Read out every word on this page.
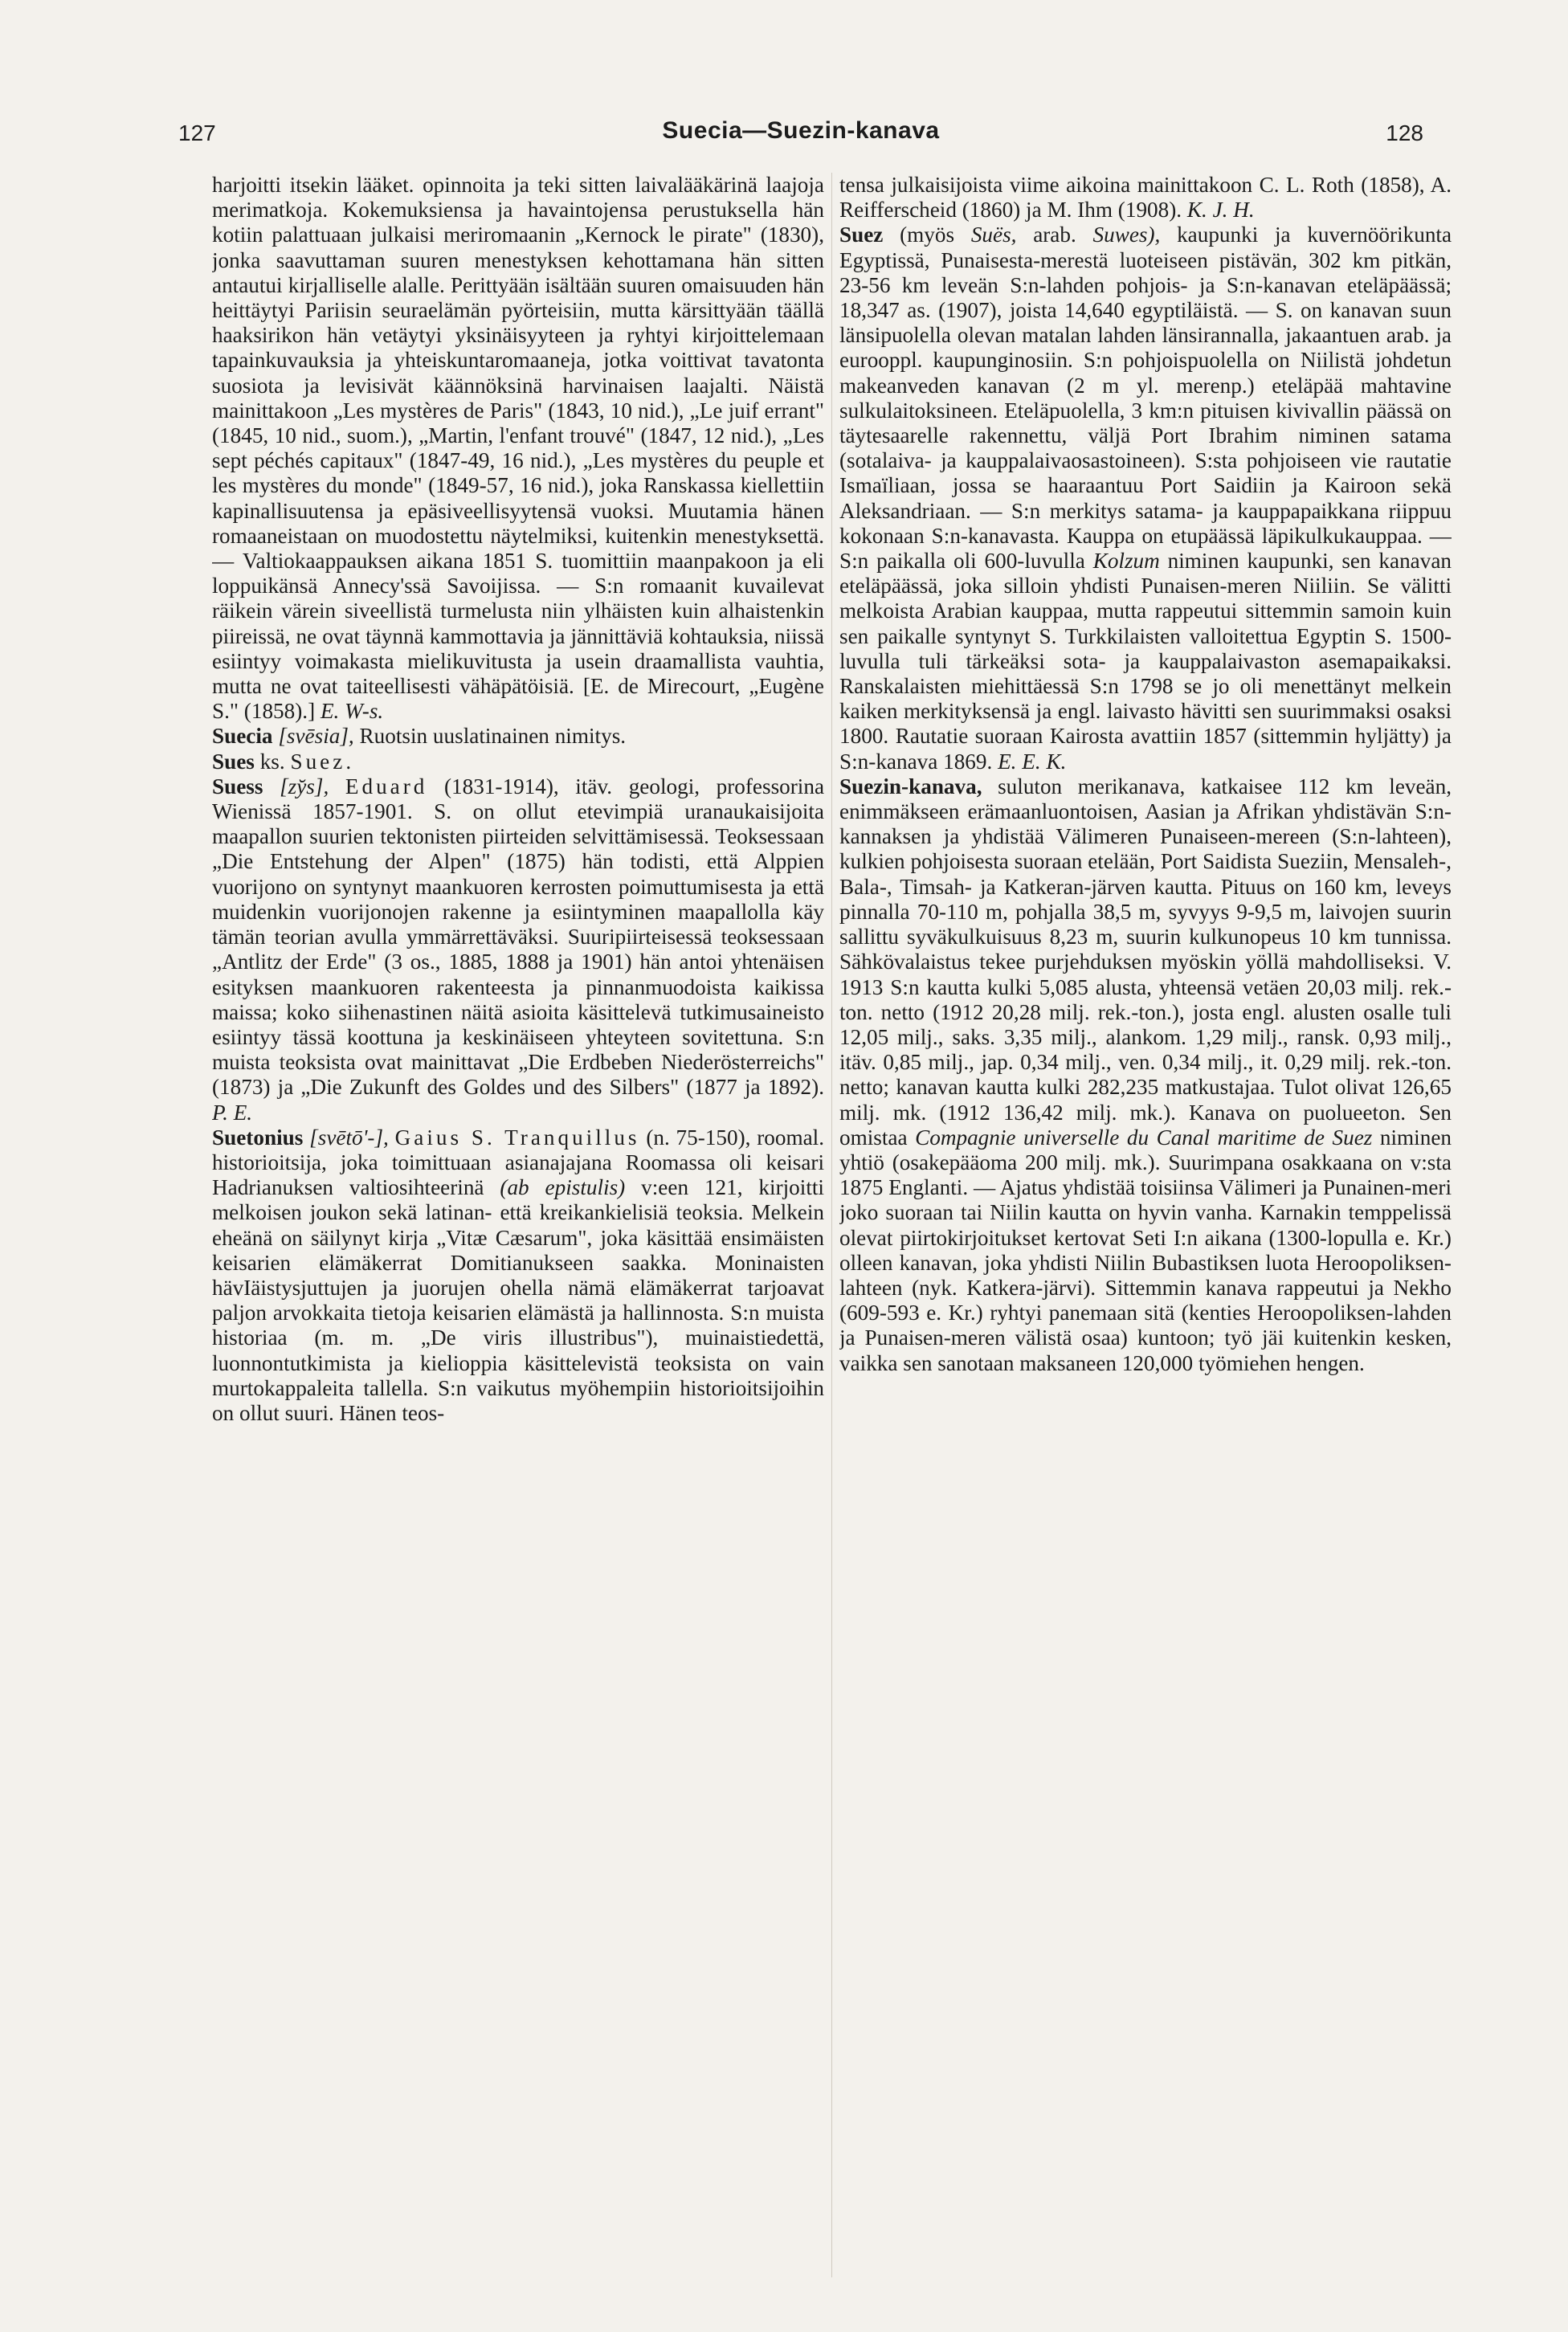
127	Suecia—Suezin-kanava	128

harjoitti itsekin lääket. opinnoita ja teki sitten laivalääkärinä laajoja merimatkoja. Kokemuksiensa ja havaintojensa perustuksella hän kotiin palattuaan julkaisi meriromaanin „Kernock le pirate" (1830), jonka saavuttaman suuren menestyksen kehottamana hän sitten antautui kirjalliselle alalle. Perittyään isältään suuren omaisuuden hän heittäytyi Pariisin seuraelämän pyörteisiin, mutta kärsittyään täällä haaksirikon hän vetäytyi yksinäisyyteen ja ryhtyi kirjoittelemaan tapainkuvauksia ja yhteiskuntaromaaneja, jotka voittivat tavatonta suosiota ja levisivät käännöksinä harvinaisen laajalti. Näistä mainittakoon „Les mystères de Paris" (1843, 10 nid.), „Le juif errant" (1845, 10 nid., suom.), „Martin, l'enfant trouvé" (1847, 12 nid.), „Les sept péchés capitaux" (1847-49, 16 nid.), „Les mystères du peuple et les mystères du monde" (1849-57, 16 nid.), joka Ranskassa kiellettiin kapinallisuutensa ja epäsiveellisyytensä vuoksi. Muutamia hänen romaaneistaan on muodostettu näytelmiksi, kuitenkin menestyksettä. — Valtiokaappauksen aikana 1851 S. tuomittiin maanpakoon ja eli loppuikänsä Annecy'ssä Savoijissa. — S:n romaanit kuvailevat räikein värein siveellistä turmelusta niin ylhäisten kuin alhaistenkin piireissä, ne ovat täynnä kammottavia ja jännittäviä kohtauksia, niissä esiintyy voimakasta mielikuvitusta ja usein draamallista vauhtia, mutta ne ovat taiteellisesti vähäpätöisiä. [E. de Mirecourt, „Eugène S." (1858).] E. W-s.

Suecia [svēsia], Ruotsin uuslatinainen nimitys.

Sues ks. Suez.

Suess [zy̆s], Eduard (1831-1914), itäv. geologi, professorina Wienissä 1857-1901. S. on ollut etevimpiä uranaukaisijoita maapallon suurien tektonisten piirteiden selvittämisessä. Teoksessaan „Die Entstehung der Alpen" (1875) hän todisti, että Alppien vuorijono on syntynyt maankuoren kerrosten poimuttumisesta ja että muidenkin vuorijonojen rakenne ja esiintyminen maapallolla käy tämän teorian avulla ymmärrettäväksi. Suuripiirteisessä teoksessaan „Antlitz der Erde" (3 os., 1885, 1888 ja 1901) hän antoi yhtenäisen esityksen maankuoren rakenteesta ja pinnanmuodoista kaikissa maissa; koko siihenastinen näitä asioita käsittelevä tutkimusaineisto esiintyy tässä koottuna ja keskinäiseen yhteyteen sovitettuna. S:n muista teoksista ovat mainittavat „Die Erdbeben Niederösterreichs" (1873) ja „Die Zukunft des Goldes und des Silbers" (1877 ja 1892). P. E.

Suetonius [svētō'-], Gaius S. Tranquillus (n. 75-150), roomal. historioitsija, joka toimittuaan asianajajana Roomassa oli keisari Hadrianuksen valtiosihteerinä (ab epistulis) v:een 121, kirjoitti melkoisen joukon sekä latinan- että kreikankielisiä teoksia. Melkein eheänä on säilynyt kirja „Vitæ Cæsarum", joka käsittää ensimäisten keisarien elämäkerrat Domitianukseen saakka. Moninaisten hävIäistysjuttujen ja juorujen ohella nämä elämäkerrat tarjoavat paljon arvokkaita tietoja keisarien elämästä ja hallinnosta. S:n muista historiaa (m. m. „De viris illustribus"), muinaistiedettä, luonnontutkimista ja kielioppia käsittelevistä teoksista on vain murtokappaleita tallella. S:n vaikutus myöhempiin historioitsijoihin on ollut suuri. Hänen teos-

tensa julkaisijoista viime aikoina mainittakoon C. L. Roth (1858), A. Reifferscheid (1860) ja M. Ihm (1908). K. J. H.

Suez (myös Suës, arab. Suwes), kaupunki ja kuvernöörikunta Egyptissä, Punaisesta-merestä luoteiseen pistävän, 302 km pitkän, 23-56 km leveän S:n-lahden pohjois- ja S:n-kanavan eteläpäässä; 18,347 as. (1907), joista 14,640 egyptiläistä. — S. on kanavan suun länsipuolella olevan matalan lahden länsirannalla, jakaantuen arab. ja eurooppl. kaupunginosiin. S:n pohjoispuolella on Niilistä johdetun makeanveden kanavan (2 m yl. merenp.) eteläpää mahtavine sulkulaitoksineen. Eteläpuolella, 3 km:n pituisen kivivallin päässä on täytesaarelle rakennettu, väljä Port Ibrahim niminen satama (sotalaiva- ja kauppalaivaosastoineen). S:sta pohjoiseen vie rautatie Ismaïliaan, jossa se haaraantuu Port Saidiin ja Kairoon sekä Aleksandriaan. — S:n merkitys satama- ja kauppapaikkana riippuu kokonaan S:n-kanavasta. Kauppa on etupäässä läpikulkukauppaa. — S:n paikalla oli 600-luvulla Kolzum niminen kaupunki, sen kanavan eteläpäässä, joka silloin yhdisti Punaisen-meren Niiliin. Se välitti melkoista Arabian kauppaa, mutta rappeutui sittemmin samoin kuin sen paikalle syntynyt S. Turkkilaisten valloitettua Egyptin S. 1500-luvulla tuli tärkeäksi sota- ja kauppalaivaston asemapaikaksi. Ranskalaisten miehittäessä S:n 1798 se jo oli menettänyt melkein kaiken merkityksensä ja engl. laivasto hävitti sen suurimmaksi osaksi 1800. Rautatie suoraan Kairosta avattiin 1857 (sittemmin hyljätty) ja S:n-kanava 1869. E. E. K.

Suezin-kanava, suluton merikanava, katkaisee 112 km leveän, enimmäkseen erämaanluontoisen, Aasian ja Afrikan yhdistävän S:n-kannaksen ja yhdistää Välimeren Punaiseen-mereen (S:n-lahteen), kulkien pohjoisesta suoraan etelään, Port Saidista Sueziin, Mensaleh-, Bala-, Timsah- ja Katkeran-järven kautta. Pituus on 160 km, leveys pinnalla 70-110 m, pohjalla 38,5 m, syvyys 9-9,5 m, laivojen suurin sallittu syväkulkuisuus 8,23 m, suurin kulkunopeus 10 km tunnissa. Sähkövalaistus tekee purjehduksen myöskin yöllä mahdolliseksi. V. 1913 S:n kautta kulki 5,085 alusta, yhteensä vetäen 20,03 milj. rek.-ton. netto (1912 20,28 milj. rek.-ton.), josta engl. alusten osalle tuli 12,05 milj., saks. 3,35 milj., alankom. 1,29 milj., ransk. 0,93 milj., itäv. 0,85 milj., jap. 0,34 milj., ven. 0,34 milj., it. 0,29 milj. rek.-ton. netto; kanavan kautta kulki 282,235 matkustajaa. Tulot olivat 126,65 milj. mk. (1912 136,42 milj. mk.). Kanava on puolueeton. Sen omistaa Compagnie universelle du Canal maritime de Suez niminen yhtiö (osakepääoma 200 milj. mk.). Suurimpana osakkaana on v:sta 1875 Englanti. — Ajatus yhdistää toisiinsa Välimeri ja Punainen-meri joko suoraan tai Niilin kautta on hyvin vanha. Karnakin temppelissä olevat piirtokirjoitukset kertovat Seti I:n aikana (1300-lopulla e. Kr.) olleen kanavan, joka yhdisti Niilin Bubastiksen luota Heroopoliksen-lahteen (nyk. Katkera-järvi). Sittemmin kanava rappeutui ja Nekho (609-593 e. Kr.) ryhtyi panemaan sitä (kenties Heroopoliksen-lahden ja Punaisen-meren välistä osaa) kuntoon; työ jäi kuitenkin kesken, vaikka sen sanotaan maksaneen 120,000 työmiehen hengen.
